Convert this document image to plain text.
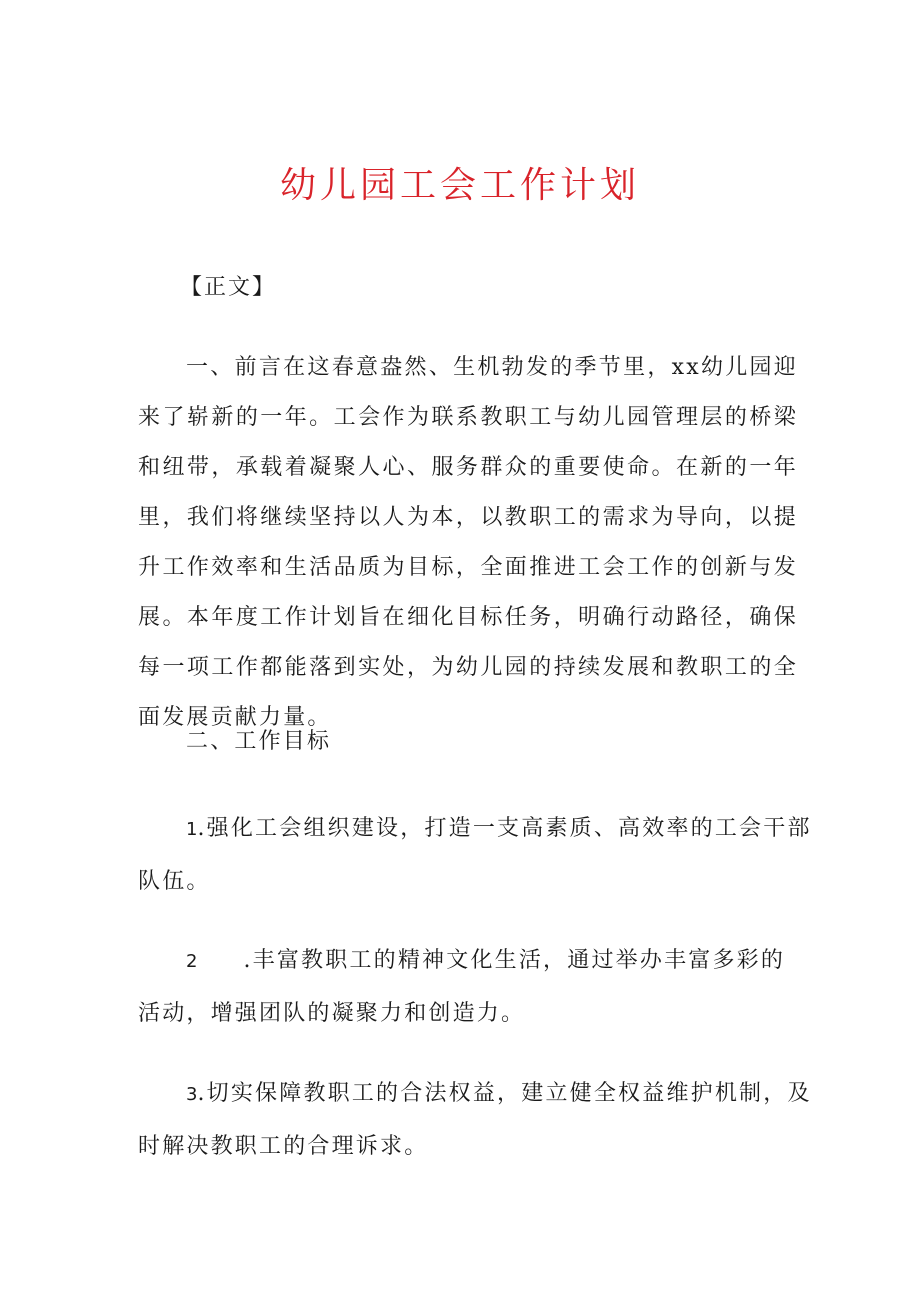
幼儿园工会工作计划
【正文】
一、前言在这春意盎然、生机勃发的季节里，xx幼儿园迎来了崭新的一年。工会作为联系教职工与幼儿园管理层的桥梁和纽带，承载着凝聚人心、服务群众的重要使命。在新的一年里，我们将继续坚持以人为本，以教职工的需求为导向，以提升工作效率和生活品质为目标，全面推进工会工作的创新与发展。本年度工作计划旨在细化目标任务，明确行动路径，确保每一项工作都能落到实处，为幼儿园的持续发展和教职工的全面发展贡献力量。
二、工作目标
1.强化工会组织建设，打造一支高素质、高效率的工会干部
队伍。
2 .丰富教职工的精神文化生活，通过举办丰富多彩的
活动，增强团队的凝聚力和创造力。
3.切实保障教职工的合法权益，建立健全权益维护机制，及
时解决教职工的合理诉求。
